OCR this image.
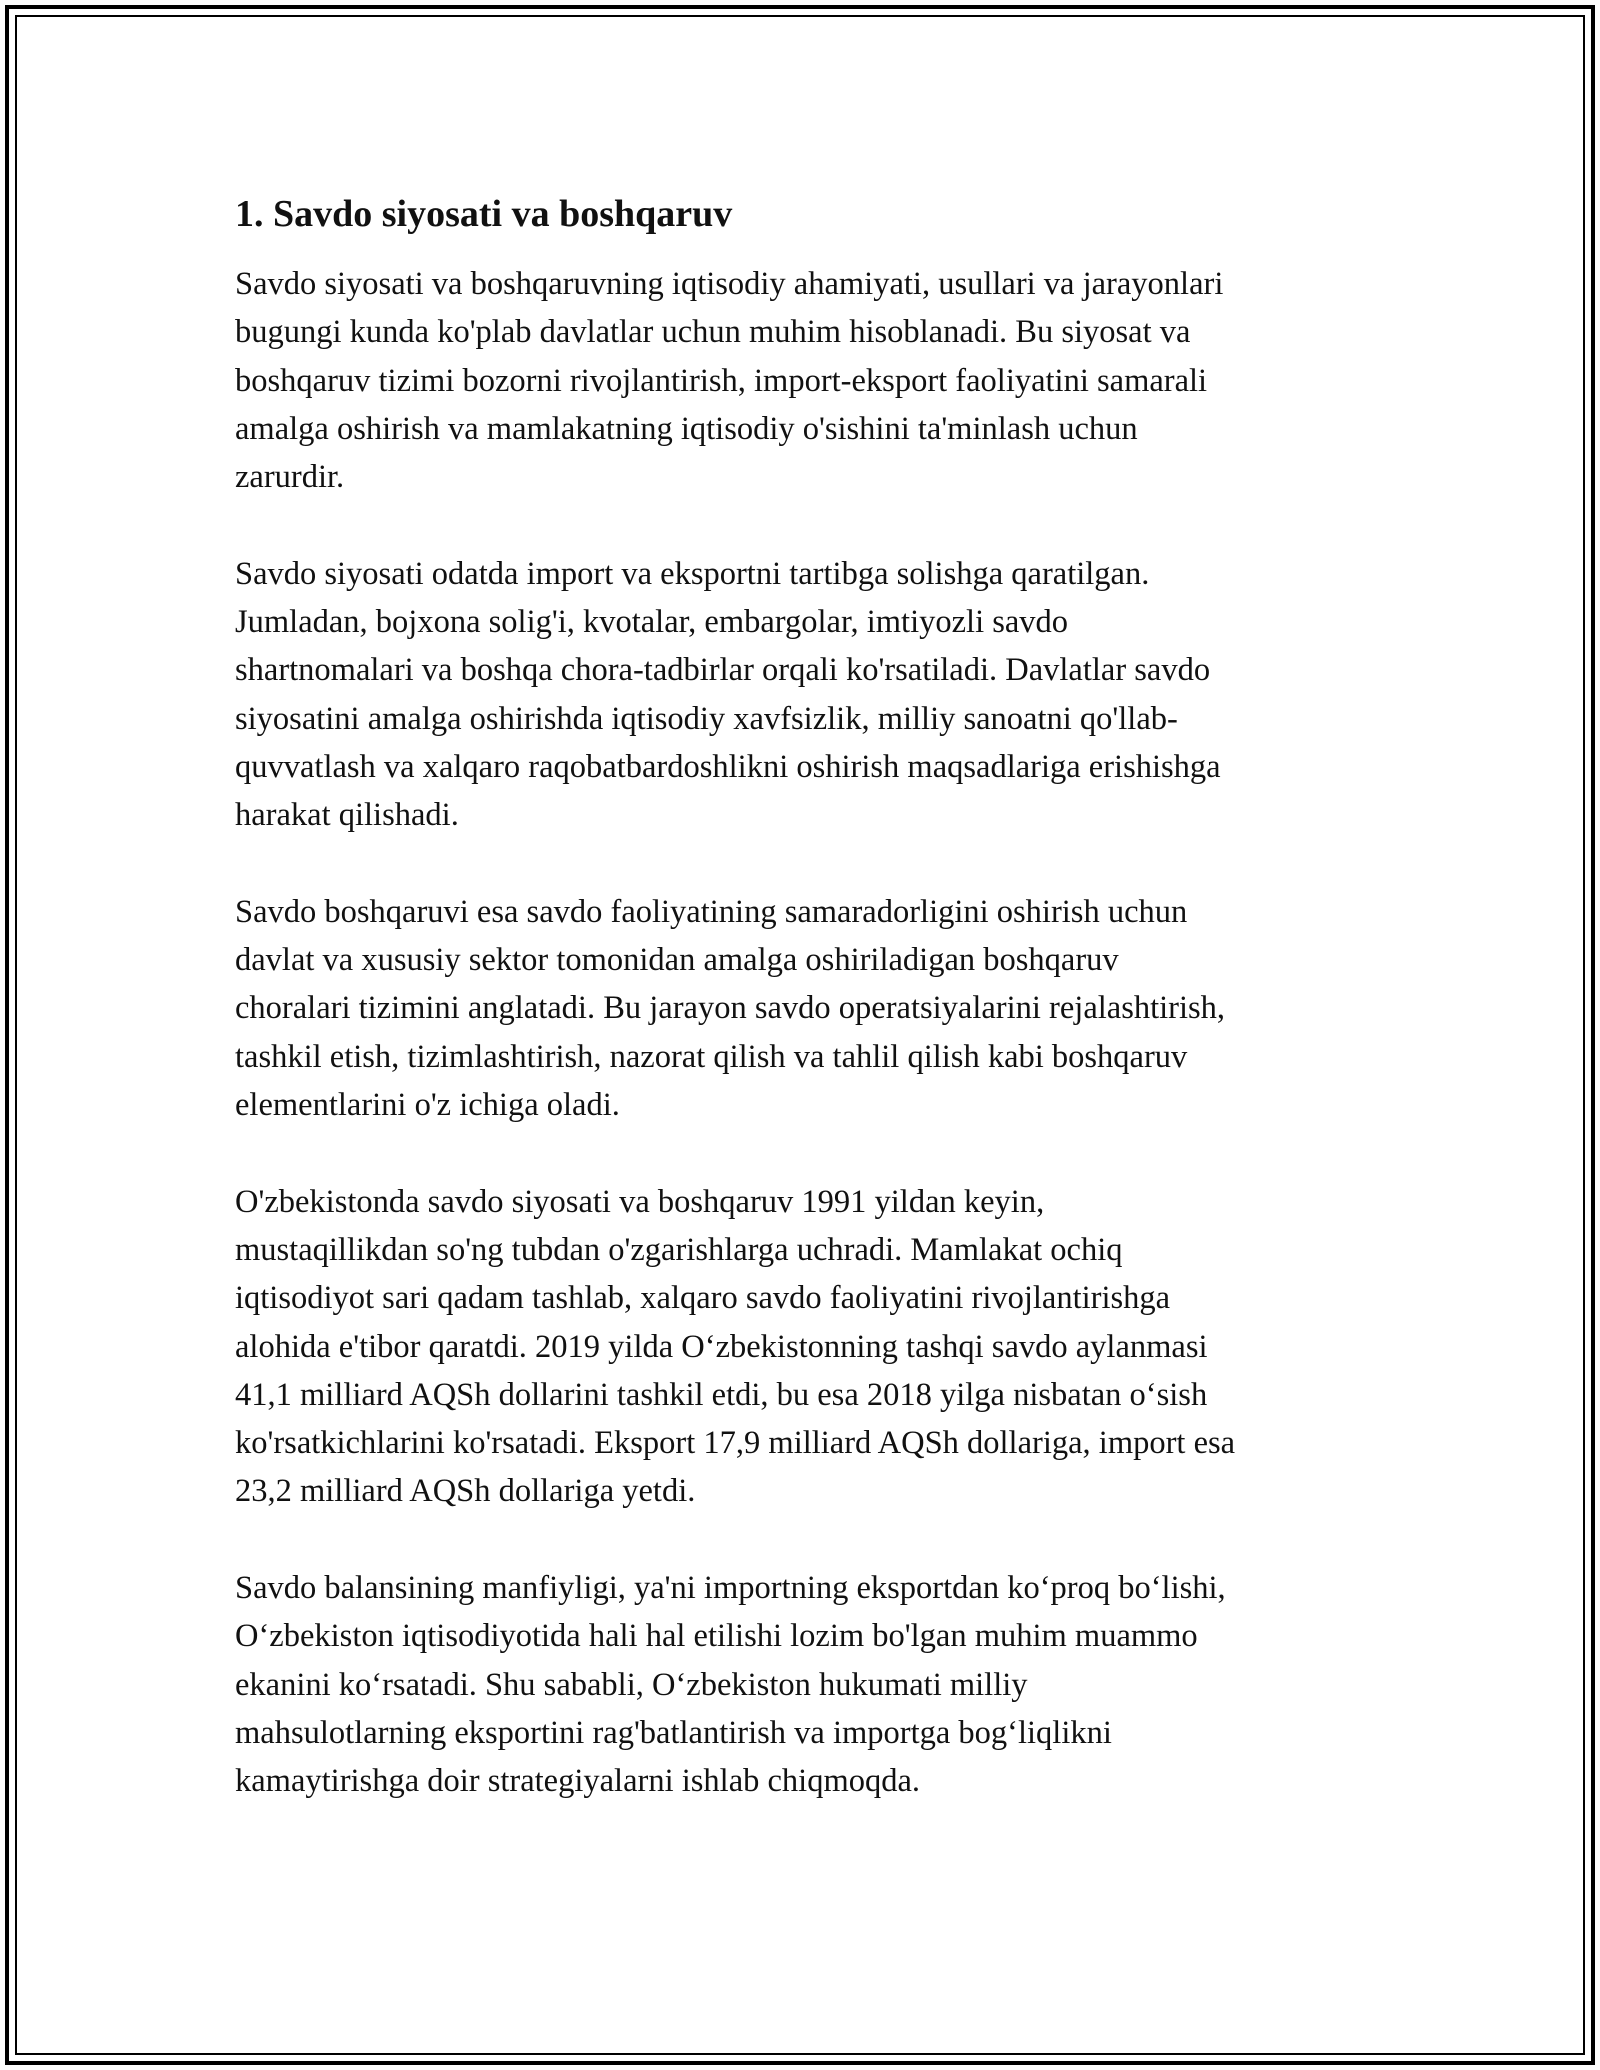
1. Savdo siyosati va boshqaruv

Savdo siyosati va boshqaruvning iqtisodiy ahamiyati, usullari va jarayonlari
bugungi kunda ko'plab davlatlar uchun muhim hisoblanadi. Bu siyosat va
boshqaruv tizimi bozorni rivojlantirish, import-eksport faoliyatini samarali
amalga oshirish va mamlakatning iqtisodiy o'sishini ta'minlash uchun
zarurdir.

Savdo siyosati odatda import va eksportni tartibga solishga qaratilgan.
Jumladan, bojxona solig'i, kvotalar, embargolar, imtiyozli savdo
shartnomalari va boshqa chora-tadbirlar orqali ko'rsatiladi. Davlatlar savdo
siyosatini amalga oshirishda iqtisodiy xavfsizlik, milliy sanoatni qo'llab-
quvvatlash va xalqaro raqobatbardoshlikni oshirish maqsadlariga erishishga
harakat qilishadi.

Savdo boshqaruvi esa savdo faoliyatining samaradorligini oshirish uchun
davlat va xususiy sektor tomonidan amalga oshiriladigan boshqaruv
choralari tizimini anglatadi. Bu jarayon savdo operatsiyalarini rejalashtirish,
tashkil etish, tizimlashtirish, nazorat qilish va tahlil qilish kabi boshqaruv
elementlarini o'z ichiga oladi.

O'zbekistonda savdo siyosati va boshqaruv 1991 yildan keyin,
mustaqillikdan so'ng tubdan o'zgarishlarga uchradi. Mamlakat ochiq
iqtisodiyot sari qadam tashlab, xalqaro savdo faoliyatini rivojlantirishga
alohida e'tibor qaratdi. 2019 yilda O‘zbekistonning tashqi savdo aylanmasi
41,1 milliard AQSh dollarini tashkil etdi, bu esa 2018 yilga nisbatan o‘sish
ko'rsatkichlarini ko'rsatadi. Eksport 17,9 milliard AQSh dollariga, import esa
23,2 milliard AQSh dollariga yetdi.

Savdo balansining manfiyligi, ya'ni importning eksportdan ko‘proq bo‘lishi,
O‘zbekiston iqtisodiyotida hali hal etilishi lozim bo'lgan muhim muammo
ekanini ko‘rsatadi. Shu sababli, O‘zbekiston hukumati milliy
mahsulotlarning eksportini rag'batlantirish va importga bog‘liqlikni
kamaytirishga doir strategiyalarni ishlab chiqmoqda.
